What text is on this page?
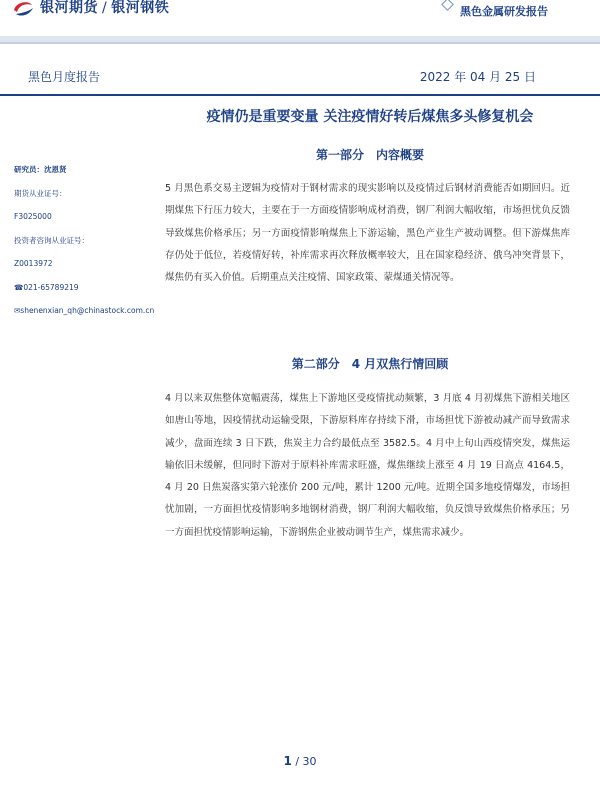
银河期货 / 银河钢铁	黑色金属研发报告
黑色月度报告	2022 年 04 月 25 日
疫情仍是重要变量 关注疫情好转后煤焦多头修复机会
研究员：沈恩贤
期货从业证号：
F3025000
投资者咨询从业证号：
Z0013972
☎021-65789219
✉shenenxian_qh@chinastock.com.cn
第一部分　内容概要
5 月黑色系交易主逻辑为疫情对于钢材需求的现实影响以及疫情过后钢材消费能否如期回归。近期煤焦下行压力较大，主要在于一方面疫情影响成材消费，钢厂利润大幅收缩，市场担忧负反馈导致煤焦价格承压；另一方面疫情影响煤焦上下游运输，黑色产业生产被动调整。但下游煤焦库存仍处于低位，若疫情好转，补库需求再次释放概率较大，且在国家稳经济、俄乌冲突背景下，煤焦仍有买入价值。后期重点关注疫情、国家政策、蒙煤通关情况等。
第二部分　4 月双焦行情回顾
4 月以来双焦整体宽幅震荡，煤焦上下游地区受疫情扰动频繁，3 月底 4 月初煤焦下游相关地区如唐山等地，因疫情扰动运输受限，下游原料库存持续下滑，市场担忧下游被动减产而导致需求减少，盘面连续 3 日下跌，焦炭主力合约最低点至 3582.5。4 月中上旬山西疫情突发，煤焦运输依旧未缓解，但同时下游对于原料补库需求旺盛，煤焦继续上涨至 4 月 19 日高点 4164.5，4 月 20 日焦炭落实第六轮涨价 200 元/吨，累计 1200 元/吨。近期全国多地疫情爆发，市场担忧加剧，一方面担忧疫情影响多地钢材消费，钢厂利润大幅收缩，负反馈导致煤焦价格承压；另一方面担忧疫情影响运输，下游钢焦企业被动调节生产，煤焦需求减少。
1 / 30
